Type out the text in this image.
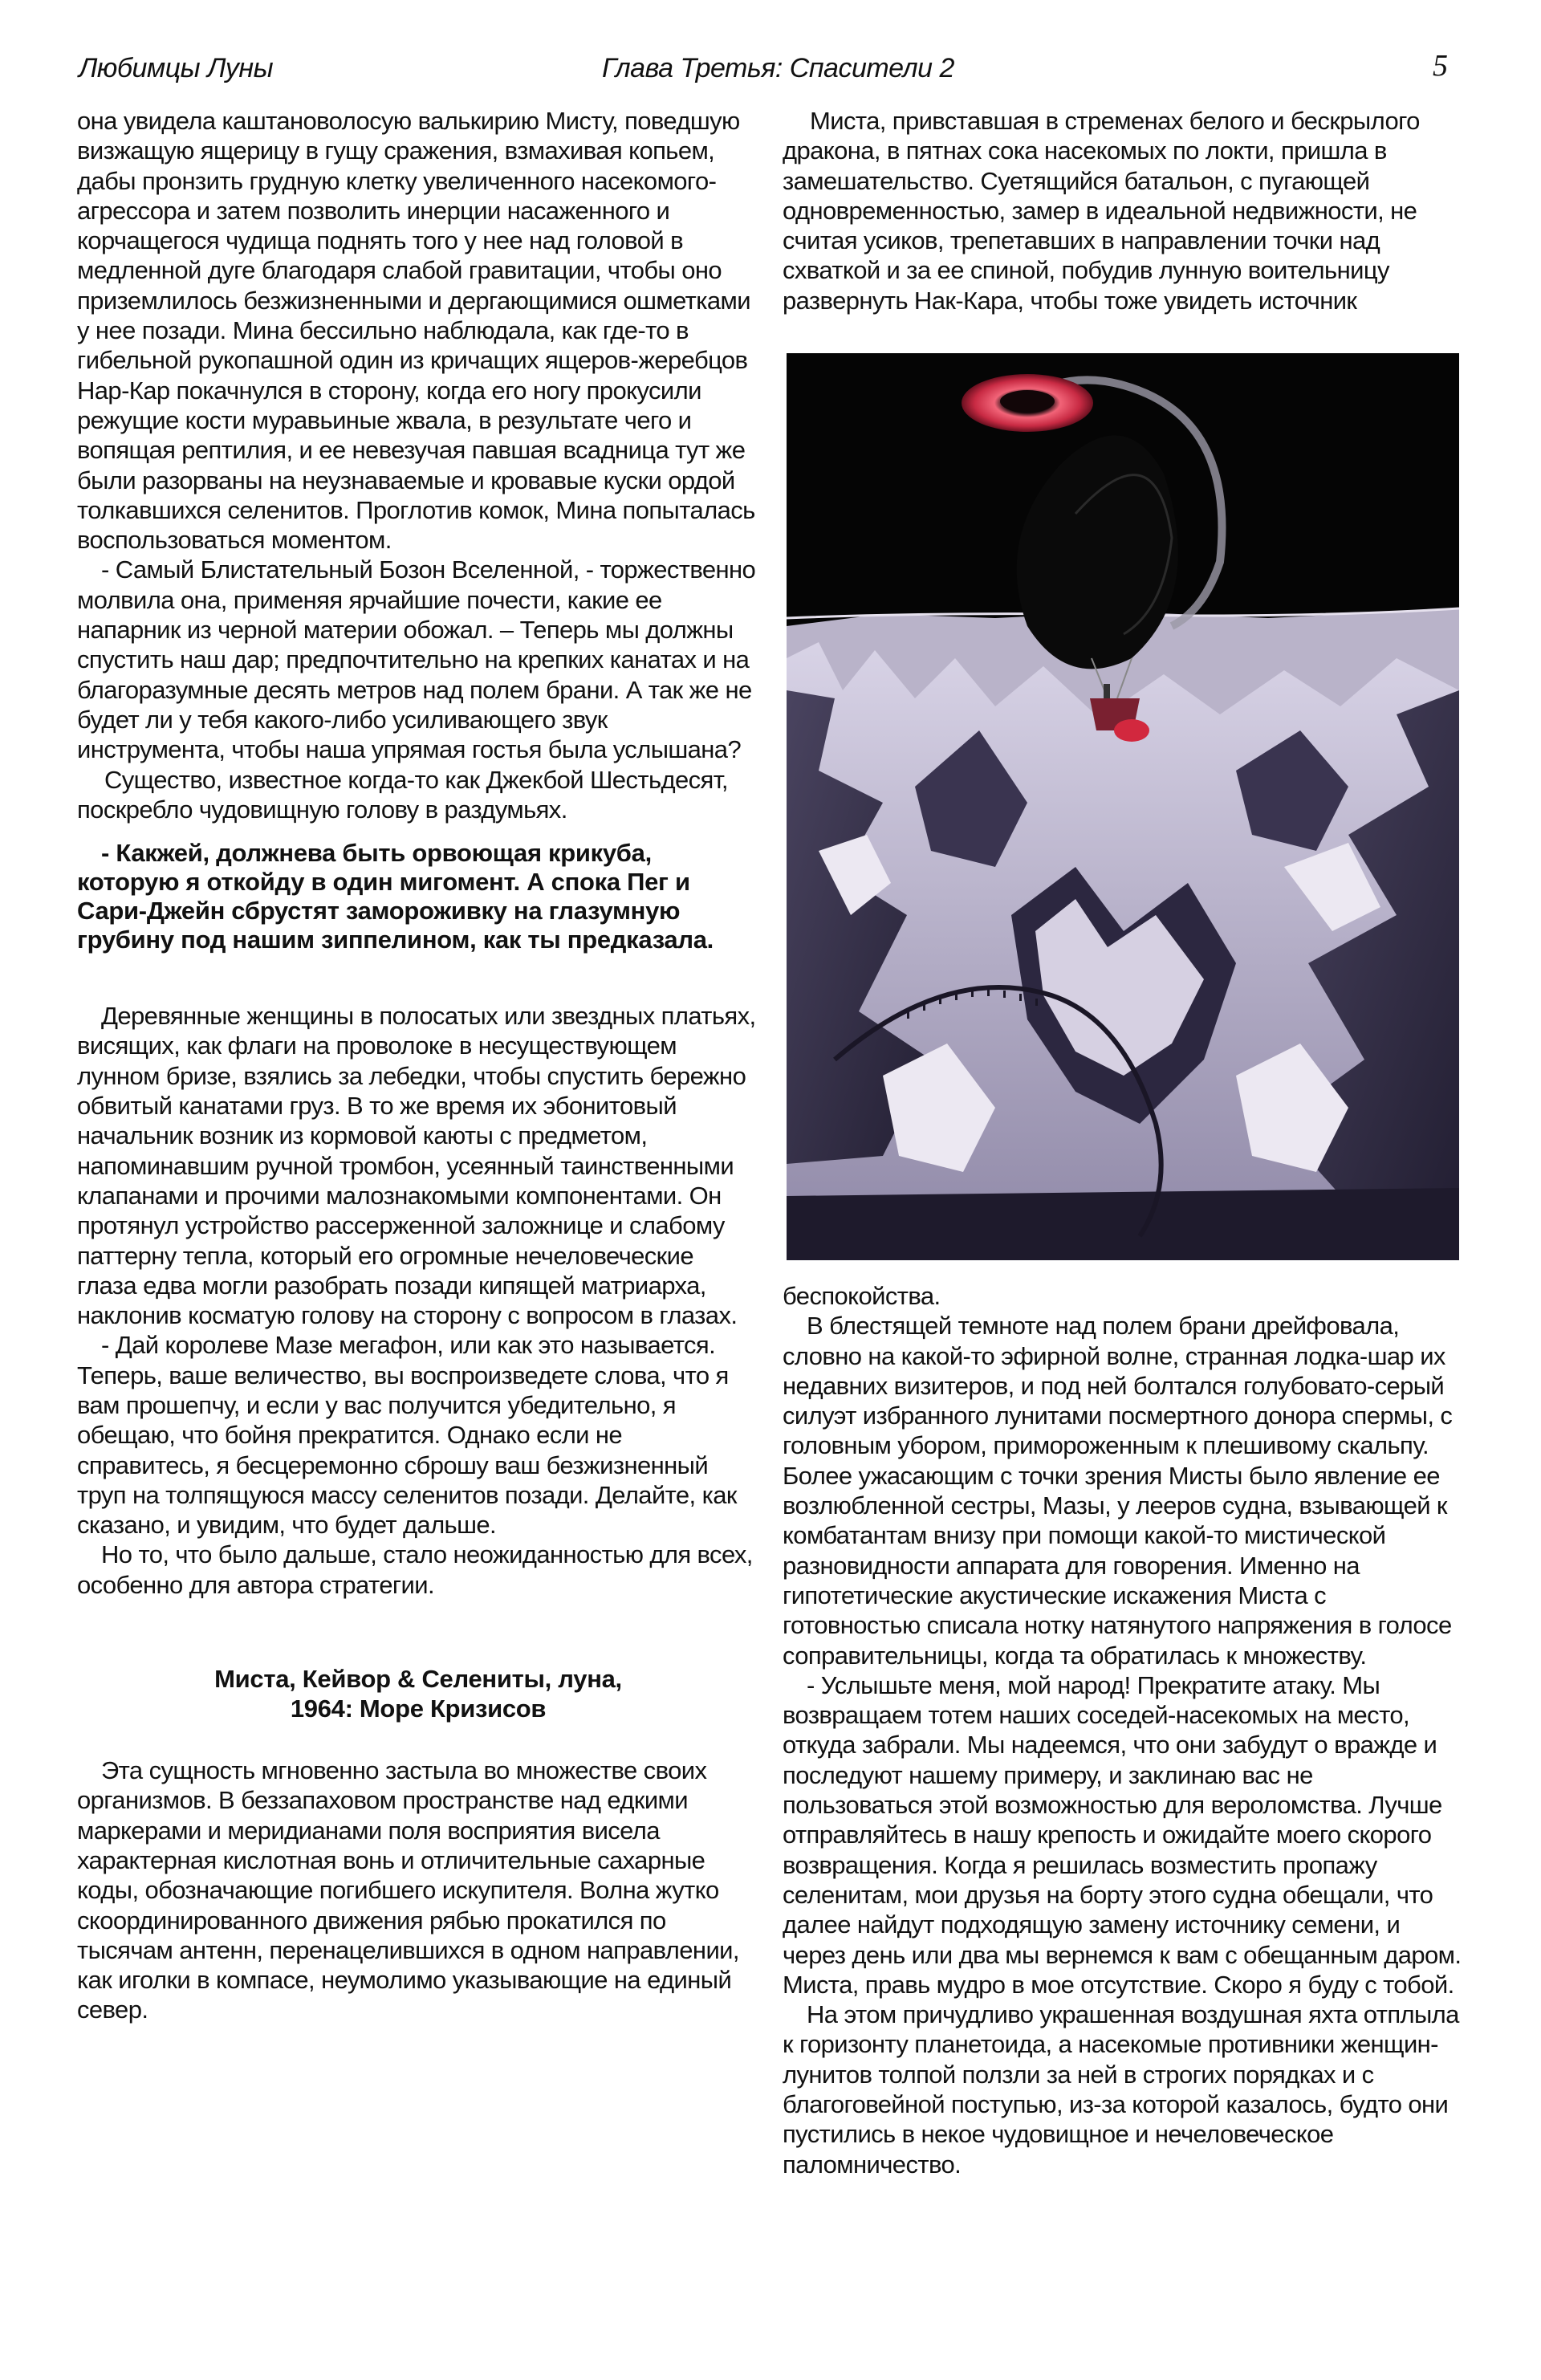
Любимцы Луны	Глава Третья: Спасители 2	5

она увидела каштановолосую валькирию Мисту, поведшую визжащую ящерицу в гущу сражения, взмахивая копьем, дабы пронзить грудную клетку увеличенного насекомого-агрессора и затем позволить инерции насаженного и корчащегося чудища поднять того у нее над головой в медленной дуге благодаря слабой гравитации, чтобы оно приземлилось безжизненными и дергающимися ошметками у нее позади. Мина бессильно наблюдала, как где-то в гибельной рукопашной один из кричащих ящеров-жеребцов Нар-Кар покачнулся в сторону, когда его ногу прокусили режущие кости муравьиные жвала, в результате чего и вопящая рептилия, и ее невезучая павшая всадница тут же были разорваны на неузнаваемые и кровавые куски ордой толкавшихся селенитов. Проглотив комок, Мина попыталась воспользоваться моментом.

- Самый Блистательный Бозон Вселенной, - торжественно молвила она, применяя ярчайшие почести, какие ее напарник из черной материи обожал. – Теперь мы должны спустить наш дар; предпочтительно на крепких канатах и на благоразумные десять метров над полем брани. А так же не будет ли у тебя какого-либо усиливающего звук инструмента, чтобы наша упрямая гостья была услышана?

Существо, известное когда-то как Джекбой Шестьдесят, поскребло чудовищную голову в раздумьях.

- Какжей, должнева быть орвоющая крикуба, которую я откойду в один мигомент. А спока Пег и Сари-Джейн сбрустят замороживку на глазумную грубину под нашим зиппелином, как ты предказала.

Деревянные женщины в полосатых или звездных платьях, висящих, как флаги на проволоке в несуществующем лунном бризе, взялись за лебедки, чтобы спустить бережно обвитый канатами груз. В то же время их эбонитовый начальник возник из кормовой каюты с предметом, напоминавшим ручной тромбон, усеянный таинственными клапанами и прочими малознакомыми компонентами. Он протянул устройство рассерженной заложнице и слабому паттерну тепла, который его огромные нечеловеческие глаза едва могли разобрать позади кипящей матриарха, наклонив косматую голову на сторону с вопросом в глазах.

- Дай королеве Мазе мегафон, или как это называется. Теперь, ваше величество, вы воспроизведете слова, что я вам прошепчу, и если у вас получится убедительно, я обещаю, что бойня прекратится. Однако если не справитесь, я бесцеремонно сброшу ваш безжизненный труп на толпящуюся массу селенитов позади. Делайте, как сказано, и увидим, что будет дальше.

Но то, что было дальше, стало неожиданностью для всех, особенно для автора стратегии.

Миста, Кейвор & Селениты, луна,
1964: Море Кризисов

Эта сущность мгновенно застыла во множестве своих организмов. В беззапаховом пространстве над едкими маркерами и меридианами поля восприятия висела характерная кислотная вонь и отличительные сахарные коды, обозначающие погибшего искупителя. Волна жутко скоординированного движения рябью прокатился по тысячам антенн, перенацелившихся в одном направлении, как иголки в компасе, неумолимо указывающие на единый север.

Миста, привставшая в стременах белого и бескрылого дракона, в пятнах сока насекомых по локти, пришла в замешательство. Суетящийся батальон, с пугающей одновременностью, замер в идеальной недвижности, не считая усиков, трепетавших в направлении точки над схваткой и за ее спиной, побудив лунную воительницу развернуть Нак-Кара, чтобы тоже увидеть источник

беспокойства.

В блестящей темноте над полем брани дрейфовала, словно на какой-то эфирной волне, странная лодка-шар их недавних визитеров, и под ней болтался голубовато-серый силуэт избранного лунитами посмертного донора спермы, с головным убором, примороженным к плешивому скальпу. Более ужасающим с точки зрения Мисты было явление ее возлюбленной сестры, Мазы, у лееров судна, взывающей к комбатантам внизу при помощи какой-то мистической разновидности аппарата для говорения. Именно на гипотетические акустические искажения Миста с готовностью списала нотку натянутого напряжения в голосе соправительницы, когда та обратилась к множеству.

- Услышьте меня, мой народ! Прекратите атаку. Мы возвращаем тотем наших соседей-насекомых на место, откуда забрали. Мы надеемся, что они забудут о вражде и последуют нашему примеру, и заклинаю вас не пользоваться этой возможностью для вероломства. Лучше отправляйтесь в нашу крепость и ожидайте моего скорого возвращения. Когда я решилась возместить пропажу селенитам, мои друзья на борту этого судна обещали, что далее найдут подходящую замену источнику семени, и через день или два мы вернемся к вам с обещанным даром. Миста, правь мудро в мое отсутствие. Скоро я буду с тобой.

На этом причудливо украшенная воздушная яхта отплыла к горизонту планетоида, а насекомые противники женщин-лунитов толпой ползли за ней в строгих порядках и с благоговейной поступью, из-за которой казалось, будто они пустились в некое чудовищное и нечеловеческое паломничество.
